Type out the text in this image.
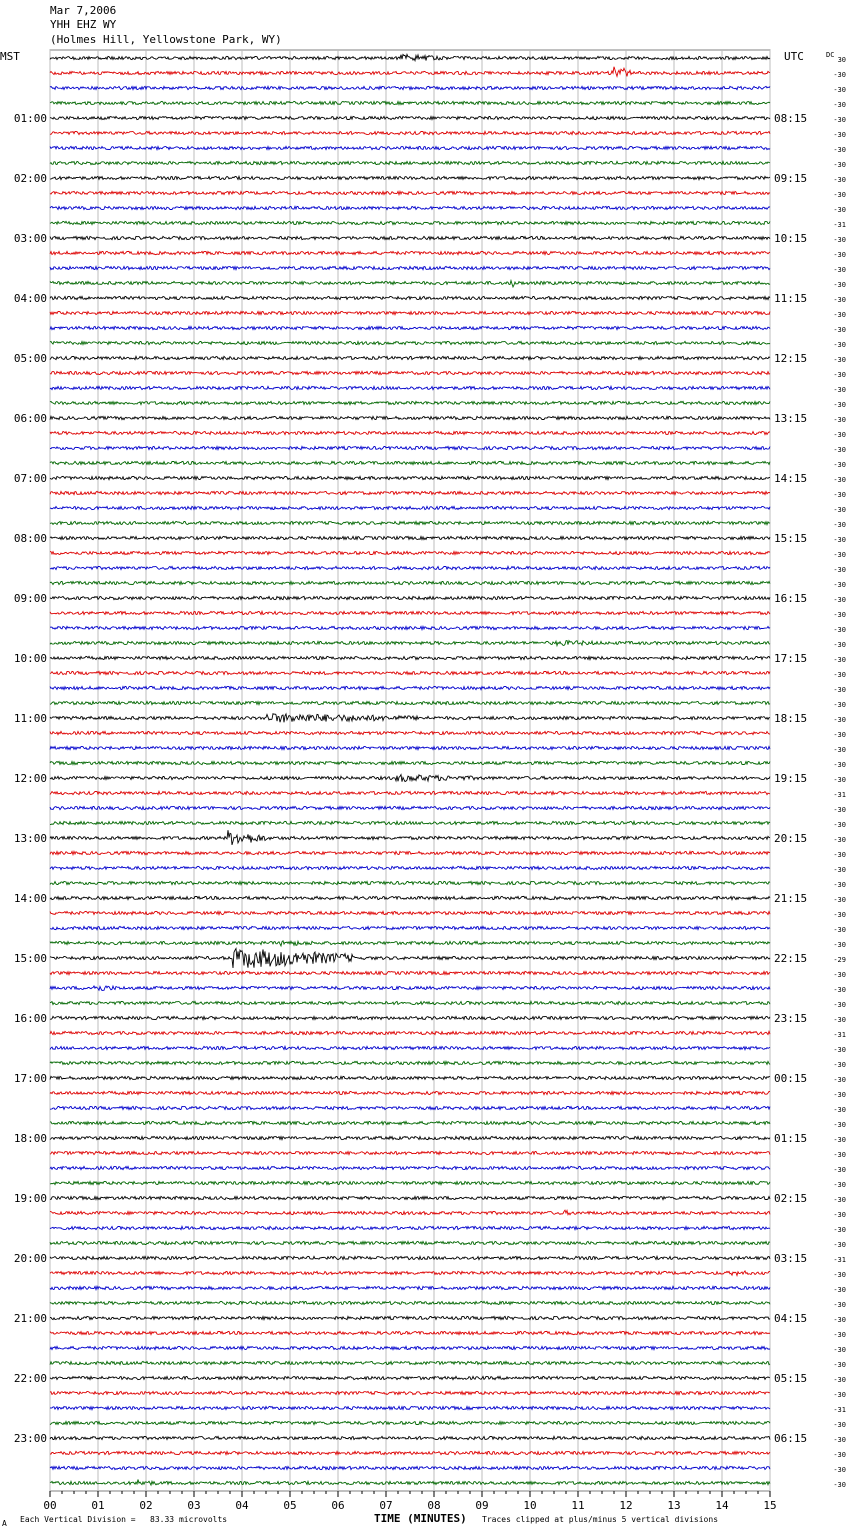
Mar 7,2006
YHH EHZ WY
(Holmes Hill, Yellowstone Park, WY)
00	01	02	03	04	05	06	07	08	09	10	11	12	13	14	15
MST	UTC	DC
30
-30
-30
-30
-30
01:00	08:15
-30
-30
-30
-30
02:00	09:15
-30
-30
-31
-30
03:00	10:15
-30
-30
-30
-30
04:00	11:15
-30
-30
-30
-30
05:00	12:15
-30
-30
-30
-30
06:00	13:15
-30
-30
-30
-30
07:00	14:15
-30
-30
-30
-30
08:00	15:15
-30
-30
-30
-30
09:00	16:15
-30
-30
-30
-30
10:00	17:15
-30
-30
-30
-30
11:00	18:15
-30
-30
-30
-30
12:00	19:15
-31
-30
-30
-30
13:00	20:15
-30
-30
-30
-30
14:00	21:15
-30
-30
-30
-29
15:00	22:15
-30
-30
-30
-30
16:00	23:15
-31
-30
-30
-30
17:00	00:15
-30
-30
-30
-30
18:00	01:15
-30
-30
-30
-30
19:00	02:15
-30
-30
-30
-31
20:00	03:15
-30
-30
-30
-30
21:00	04:15
-30
-30
-30
-30
22:00	05:15
-30
-31
-30
-30
23:00	06:15
-30
-30
-30
A Each Vertical Division =   83.33 microvolts	TIME (MINUTES) Traces clipped at plus/minus 5 vertical divisions
